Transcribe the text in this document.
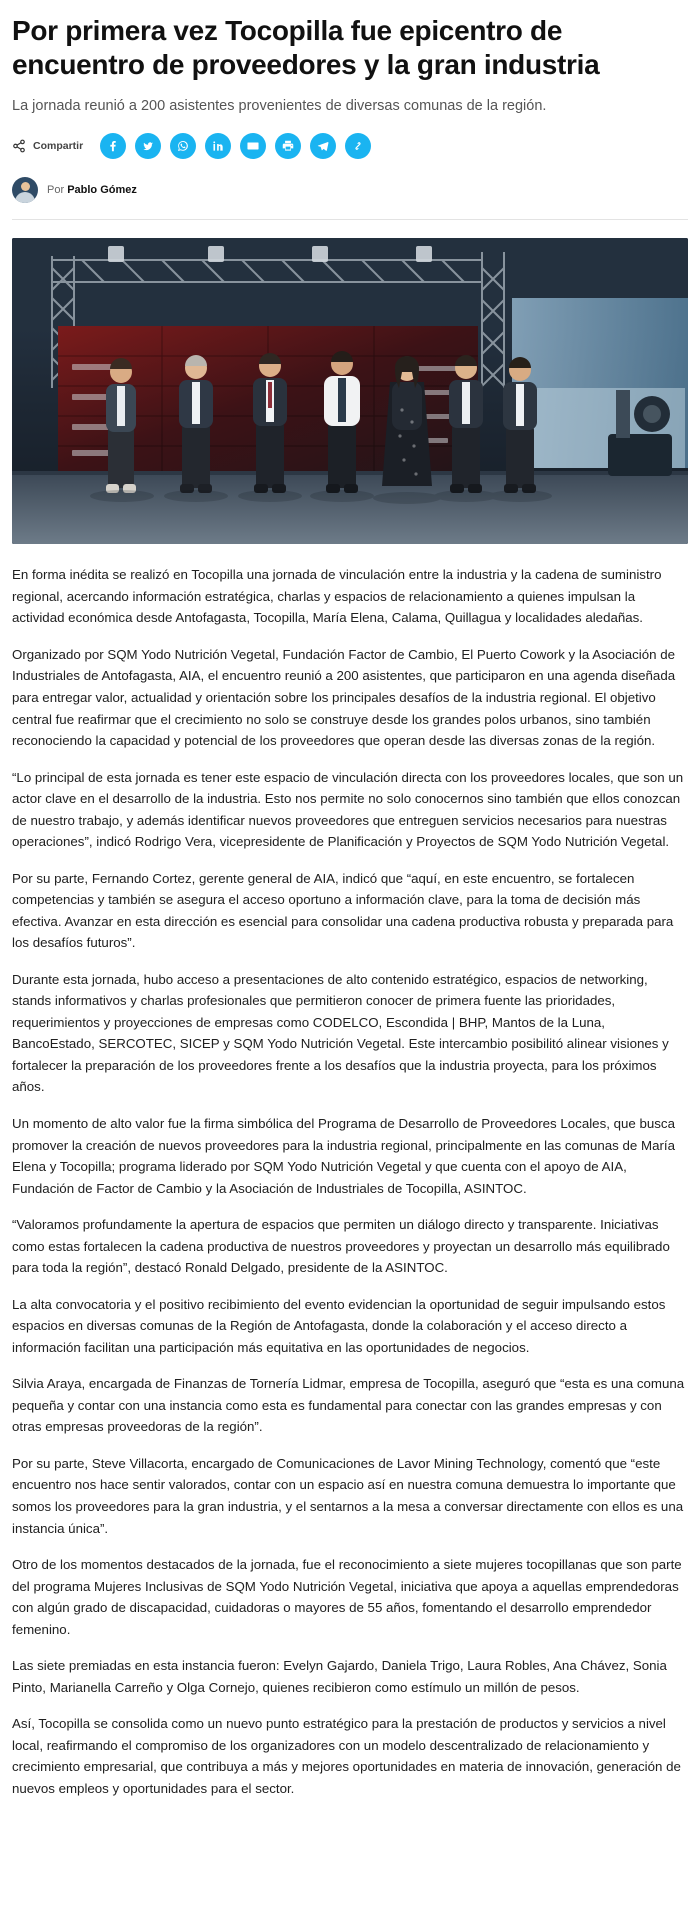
Por primera vez Tocopilla fue epicentro de encuentro de proveedores y la gran industria

La jornada reunió a 200 asistentes provenientes de diversas comunas de la región.

Compartir
Por Pablo Gómez

En forma inédita se realizó en Tocopilla una jornada de vinculación entre la industria y la cadena de suministro regional, acercando información estratégica, charlas y espacios de relacionamiento a quienes impulsan la actividad económica desde Antofagasta, Tocopilla, María Elena, Calama, Quillagua y localidades aledañas.

Organizado por SQM Yodo Nutrición Vegetal, Fundación Factor de Cambio, El Puerto Cowork y la Asociación de Industriales de Antofagasta, AIA, el encuentro reunió a 200 asistentes, que participaron en una agenda diseñada para entregar valor, actualidad y orientación sobre los principales desafíos de la industria regional. El objetivo central fue reafirmar que el crecimiento no solo se construye desde los grandes polos urbanos, sino también reconociendo la capacidad y potencial de los proveedores que operan desde las diversas zonas de la región.

“Lo principal de esta jornada es tener este espacio de vinculación directa con los proveedores locales, que son un actor clave en el desarrollo de la industria. Esto nos permite no solo conocernos sino también que ellos conozcan de nuestro trabajo, y además identificar nuevos proveedores que entreguen servicios necesarios para nuestras operaciones”, indicó Rodrigo Vera, vicepresidente de Planificación y Proyectos de SQM Yodo Nutrición Vegetal.

Por su parte, Fernando Cortez, gerente general de AIA, indicó que “aquí, en este encuentro, se fortalecen competencias y también se asegura el acceso oportuno a información clave, para la toma de decisión más efectiva. Avanzar en esta dirección es esencial para consolidar una cadena productiva robusta y preparada para los desafíos futuros”.

Durante esta jornada, hubo acceso a presentaciones de alto contenido estratégico, espacios de networking, stands informativos y charlas profesionales que permitieron conocer de primera fuente las prioridades, requerimientos y proyecciones de empresas como CODELCO, Escondida | BHP, Mantos de la Luna, BancoEstado, SERCOTEC, SICEP y SQM Yodo Nutrición Vegetal. Este intercambio posibilitó alinear visiones y fortalecer la preparación de los proveedores frente a los desafíos que la industria proyecta, para los próximos años.

Un momento de alto valor fue la firma simbólica del Programa de Desarrollo de Proveedores Locales, que busca promover la creación de nuevos proveedores para la industria regional, principalmente en las comunas de María Elena y Tocopilla; programa liderado por SQM Yodo Nutrición Vegetal y que cuenta con el apoyo de AIA, Fundación de Factor de Cambio y la Asociación de Industriales de Tocopilla, ASINTOC.

“Valoramos profundamente la apertura de espacios que permiten un diálogo directo y transparente. Iniciativas como estas fortalecen la cadena productiva de nuestros proveedores y proyectan un desarrollo más equilibrado para toda la región”, destacó Ronald Delgado, presidente de la ASINTOC.

La alta convocatoria y el positivo recibimiento del evento evidencian la oportunidad de seguir impulsando estos espacios en diversas comunas de la Región de Antofagasta, donde la colaboración y el acceso directo a información facilitan una participación más equitativa en las oportunidades de negocios.

Silvia Araya, encargada de Finanzas de Tornería Lidmar, empresa de Tocopilla, aseguró que “esta es una comuna pequeña y contar con una instancia como esta es fundamental para conectar con las grandes empresas y con otras empresas proveedoras de la región”.

Por su parte, Steve Villacorta, encargado de Comunicaciones de Lavor Mining Technology, comentó que “este encuentro nos hace sentir valorados, contar con un espacio así en nuestra comuna demuestra lo importante que somos los proveedores para la gran industria, y el sentarnos a la mesa a conversar directamente con ellos es una instancia única”.

Otro de los momentos destacados de la jornada, fue el reconocimiento a siete mujeres tocopillanas que son parte del programa Mujeres Inclusivas de SQM Yodo Nutrición Vegetal, iniciativa que apoya a aquellas emprendedoras con algún grado de discapacidad, cuidadoras o mayores de 55 años, fomentando el desarrollo emprendedor femenino.

Las siete premiadas en esta instancia fueron: Evelyn Gajardo, Daniela Trigo, Laura Robles, Ana Chávez, Sonia Pinto, Marianella Carreño y Olga Cornejo, quienes recibieron como estímulo un millón de pesos.

Así, Tocopilla se consolida como un nuevo punto estratégico para la prestación de productos y servicios a nivel local, reafirmando el compromiso de los organizadores con un modelo descentralizado de relacionamiento y crecimiento empresarial, que contribuya a más y mejores oportunidades en materia de innovación, generación de nuevos empleos y oportunidades para el sector.
